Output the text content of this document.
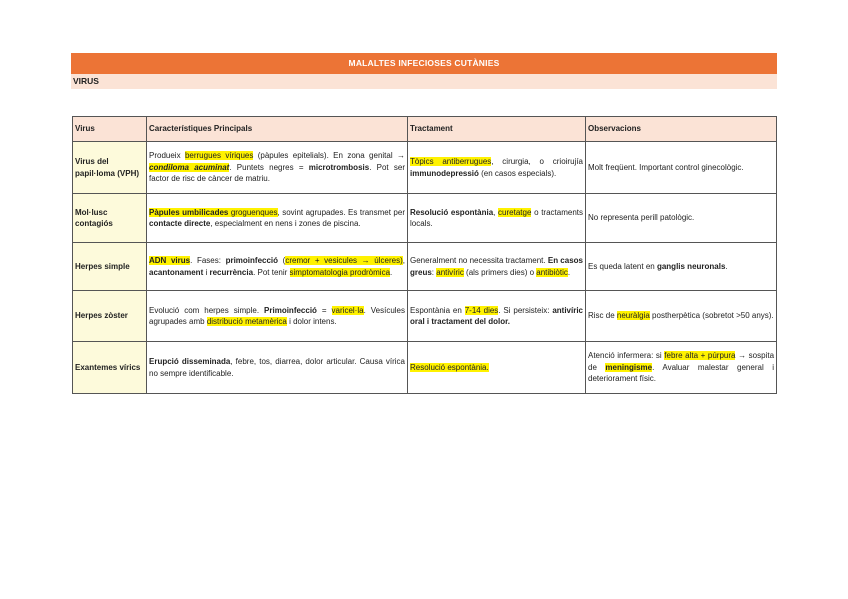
MALALTES INFECIOSES CUTÀNIES
VIRUS
Virus	Característiques Principals	Tractament	Observacions
Virus del papil·loma (VPH)	Produeix berrugues víriques (pàpules epitelials). En zona genital → condiloma acuminat. Puntets negres = microtrombosis. Pot ser factor de risc de càncer de matriu.	Tòpics antiberrugues, cirurgia, o crioirujía immunodepressió (en casos especials).	Molt freqüent. Important control ginecològic.
Mol·lusc contagiós	Pàpules umbilicades groguenques, sovint agrupades. Es transmet per contacte directe, especialment en nens i zones de piscina.	Resolució espontània, curetatge o tractaments locals.	No representa perill patològic.
Herpes simple	ADN virus. Fases: primoinfecció (cremor + vesicules → úlceres), acantonament i recurrència. Pot tenir simptomatologia prodròmica.	Generalment no necessita tractament. En casos greus: antivíric (als primers dies) o antibiòtic.	Es queda latent en ganglis neuronals.
Herpes zòster	Evolució com herpes simple. Primoinfecció = varicel·la. Vesícules agrupades amb distribució metamèrica i dolor intens.	Espontània en 7-14 dies. Si persisteix: antivíric oral i tractament del dolor.	Risc de neuràlgia postherpètica (sobretot >50 anys).
Exantemes vírics	Erupció disseminada, febre, tos, diarrea, dolor articular. Causa vírica no sempre identificable.	Resolució espontània.	Atenció infermera: si febre alta + púrpura → sospita de meningisme. Avaluar malestar general i deteriorament físic.
